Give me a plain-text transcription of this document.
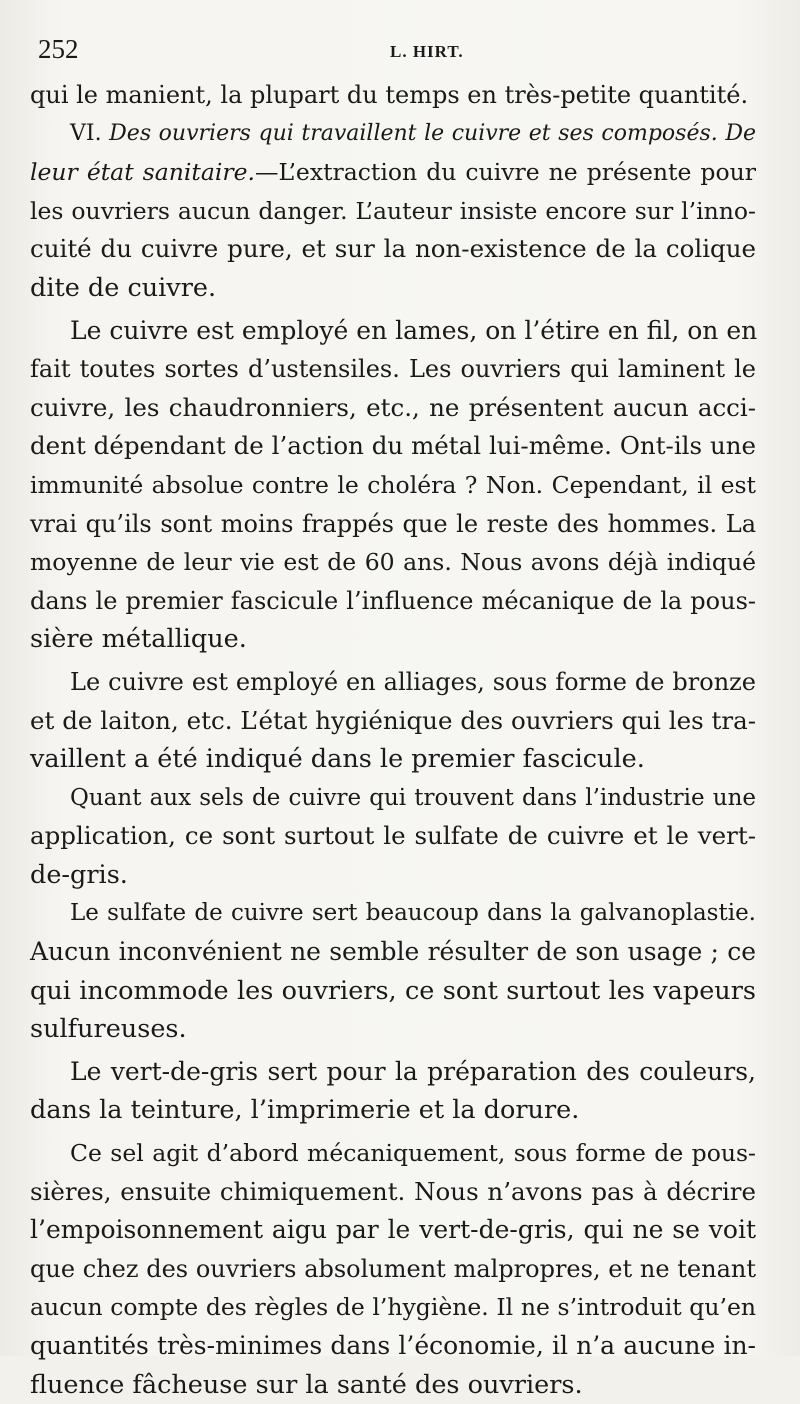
252	L. HIRT.
qui le manient, la plupart du temps en très-petite quantité.
VI. Des ouvriers qui travaillent le cuivre et ses composés. De
leur état sanitaire.—L’extraction du cuivre ne présente pour
les ouvriers aucun danger. L’auteur insiste encore sur l’inno-
cuité du cuivre pure, et sur la non-existence de la colique
dite de cuivre.
Le cuivre est employé en lames, on l’étire en fil, on en
fait toutes sortes d’ustensiles. Les ouvriers qui laminent le
cuivre, les chaudronniers, etc., ne présentent aucun acci-
dent dépendant de l’action du métal lui-même. Ont-ils une
immunité absolue contre le choléra ? Non. Cependant, il est
vrai qu’ils sont moins frappés que le reste des hommes. La
moyenne de leur vie est de 60 ans. Nous avons déjà indiqué
dans le premier fascicule l’influence mécanique de la pous-
sière métallique.
Le cuivre est employé en alliages, sous forme de bronze
et de laiton, etc. L’état hygiénique des ouvriers qui les tra-
vaillent a été indiqué dans le premier fascicule.
Quant aux sels de cuivre qui trouvent dans l’industrie une
application, ce sont surtout le sulfate de cuivre et le vert-
de-gris.
Le sulfate de cuivre sert beaucoup dans la galvanoplastie.
Aucun inconvénient ne semble résulter de son usage ; ce
qui incommode les ouvriers, ce sont surtout les vapeurs
sulfureuses.
Le vert-de-gris sert pour la préparation des couleurs,
dans la teinture, l’imprimerie et la dorure.
Ce sel agit d’abord mécaniquement, sous forme de pous-
sières, ensuite chimiquement. Nous n’avons pas à décrire
l’empoisonnement aigu par le vert-de-gris, qui ne se voit
que chez des ouvriers absolument malpropres, et ne tenant
aucun compte des règles de l’hygiène. Il ne s’introduit qu’en
quantités très-minimes dans l’économie, il n’a aucune in-
fluence fâcheuse sur la santé des ouvriers.
